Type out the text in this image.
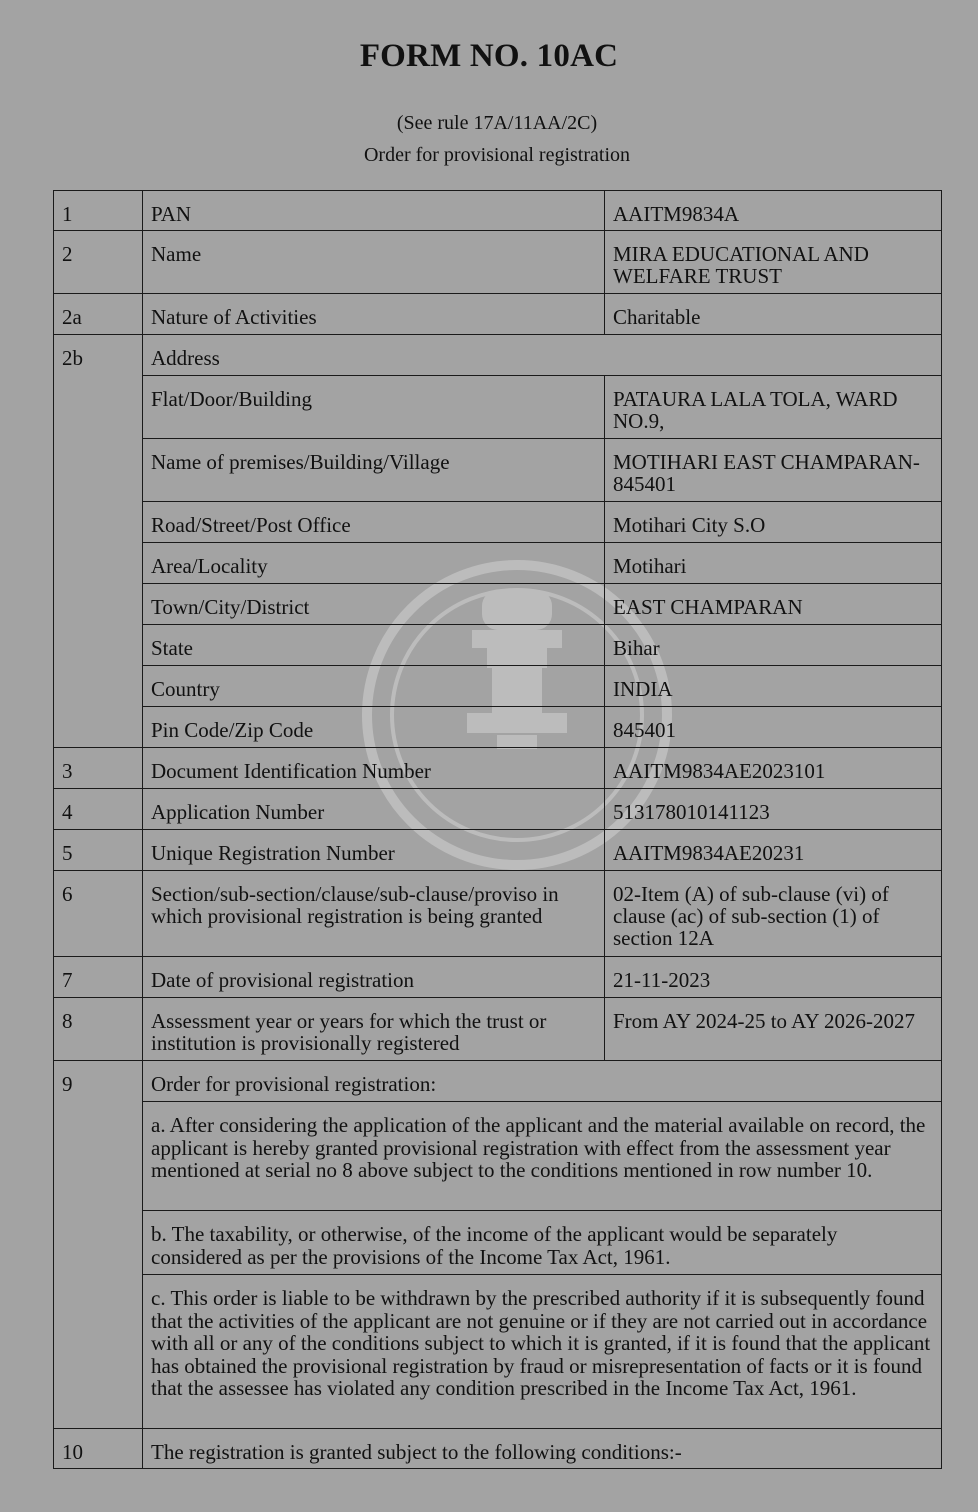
FORM NO. 10AC
(See rule 17A/11AA/2C)
Order for provisional registration
1	PAN	AAITM9834A
2	Name	MIRA EDUCATIONAL AND WELFARE TRUST
2a	Nature of Activities	Charitable
2b	Address	
	Flat/Door/Building	PATAURA LALA TOLA, WARD NO.9,
	Name of premises/Building/Village	MOTIHARI EAST CHAMPARAN- 845401
	Road/Street/Post Office	Motihari City S.O
	Area/Locality	Motihari
	Town/City/District	EAST CHAMPARAN
	State	Bihar
	Country	INDIA
	Pin Code/Zip Code	845401
3	Document Identification Number	AAITM9834AE2023101
4	Application Number	513178010141123
5	Unique Registration Number	AAITM9834AE20231
6	Section/sub-section/clause/sub-clause/proviso in which provisional registration is being granted	02-Item (A) of sub-clause (vi) of clause (ac) of sub-section (1) of section 12A
7	Date of provisional registration	21-11-2023
8	Assessment year or years for which the trust or institution is provisionally registered	From AY 2024-25 to AY 2026-2027
9	Order for provisional registration:	
	a. After considering the application of the applicant and the material available on record, the applicant is hereby granted provisional registration with effect from the assessment year mentioned at serial no 8 above subject to the conditions mentioned in row number 10.	
	b. The taxability, or otherwise, of the income of the applicant would be separately considered as per the provisions of the Income Tax Act, 1961.	
	c. This order is liable to be withdrawn by the prescribed authority if it is subsequently found that the activities of the applicant are not genuine or if they are not carried out in accordance with all or any of the conditions subject to which it is granted, if it is found that the applicant has obtained the provisional registration by fraud or misrepresentation of facts or it is found that the assessee has violated any condition prescribed in the Income Tax Act, 1961.	
10	The registration is granted subject to the following conditions:-	
